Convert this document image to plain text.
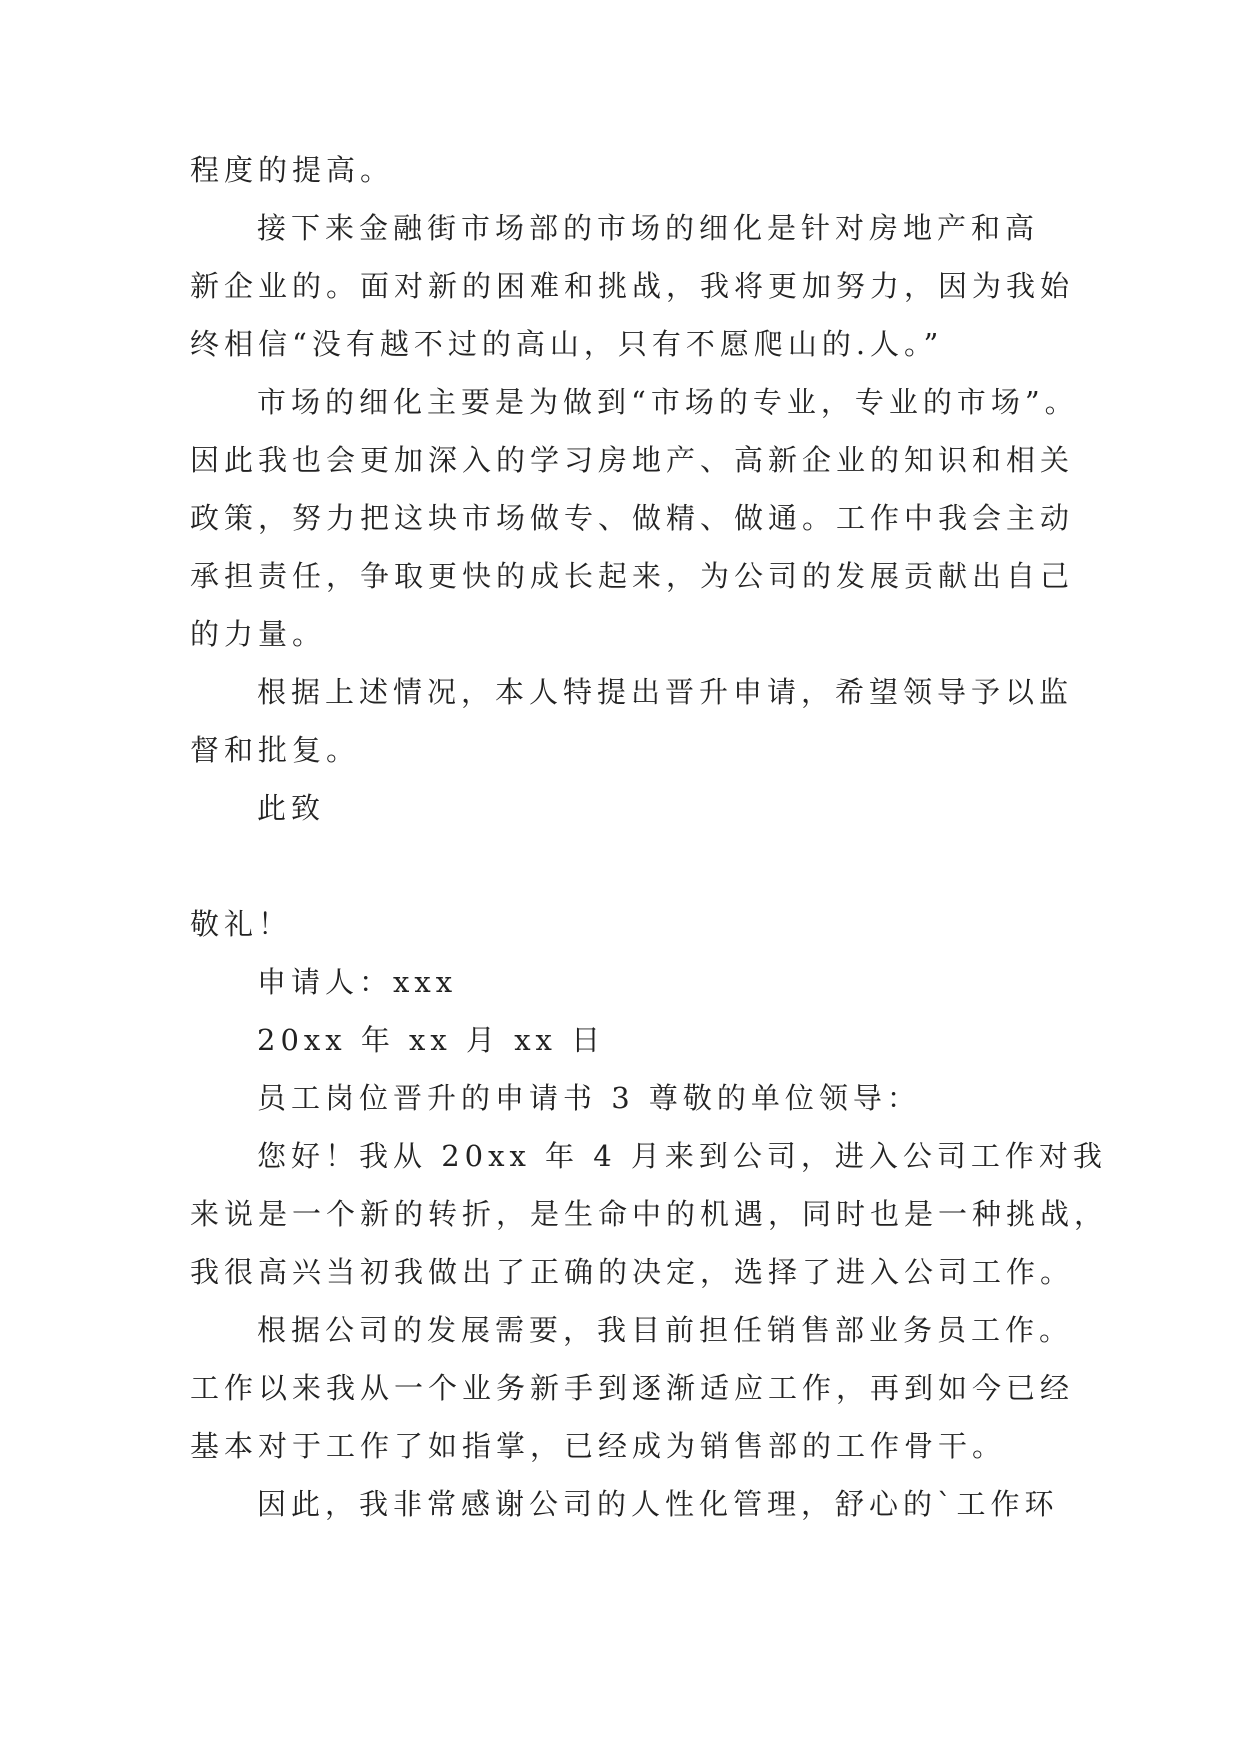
程度的提高。
接下来金融街市场部的市场的细化是针对房地产和高
新企业的。面对新的困难和挑战，我将更加努力，因为我始
终相信“没有越不过的高山，只有不愿爬山的.人。”
市场的细化主要是为做到“市场的专业，专业的市场”。
因此我也会更加深入的学习房地产、高新企业的知识和相关
政策，努力把这块市场做专、做精、做通。工作中我会主动
承担责任，争取更快的成长起来，为公司的发展贡献出自己
的力量。
根据上述情况，本人特提出晋升申请，希望领导予以监
督和批复。
此致
敬礼！
申请人：xxx
20xx 年 xx 月 xx 日
员工岗位晋升的申请书 3 尊敬的单位领导：
您好！我从 20xx 年 4 月来到公司，进入公司工作对我
来说是一个新的转折，是生命中的机遇，同时也是一种挑战，
我很高兴当初我做出了正确的决定，选择了进入公司工作。
根据公司的发展需要，我目前担任销售部业务员工作。
工作以来我从一个业务新手到逐渐适应工作，再到如今已经
基本对于工作了如指掌，已经成为销售部的工作骨干。
因此，我非常感谢公司的人性化管理，舒心的`工作环
